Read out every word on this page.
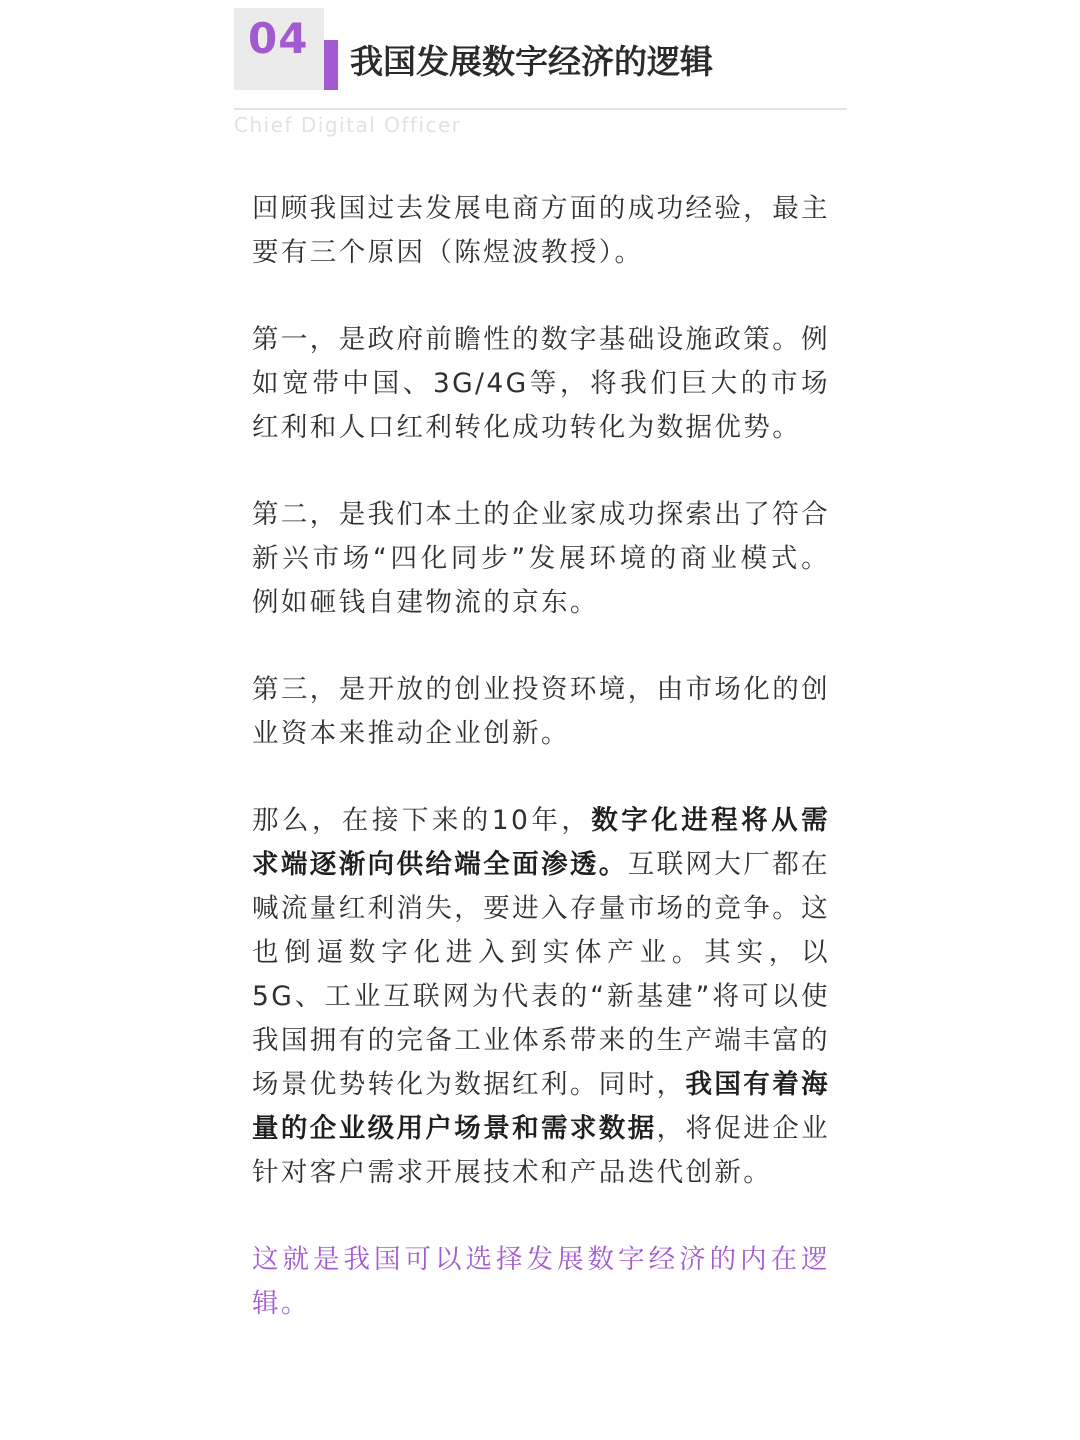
04 我国发展数字经济的逻辑
Chief Digital Officer

回顾我国过去发展电商方面的成功经验，最主要有三个原因（陈煜波教授）。

第一，是政府前瞻性的数字基础设施政策。例如宽带中国、3G/4G等，将我们巨大的市场红利和人口红利转化成功转化为数据优势。

第二，是我们本土的企业家成功探索出了符合新兴市场“四化同步”发展环境的商业模式。例如砸钱自建物流的京东。

第三，是开放的创业投资环境，由市场化的创业资本来推动企业创新。

那么，在接下来的10年，数字化进程将从需求端逐渐向供给端全面渗透。互联网大厂都在喊流量红利消失，要进入存量市场的竞争。这也倒逼数字化进入到实体产业。其实，以5G、工业互联网为代表的“新基建”将可以使我国拥有的完备工业体系带来的生产端丰富的场景优势转化为数据红利。同时，我国有着海量的企业级用户场景和需求数据，将促进企业针对客户需求开展技术和产品迭代创新。

这就是我国可以选择发展数字经济的内在逻辑。
